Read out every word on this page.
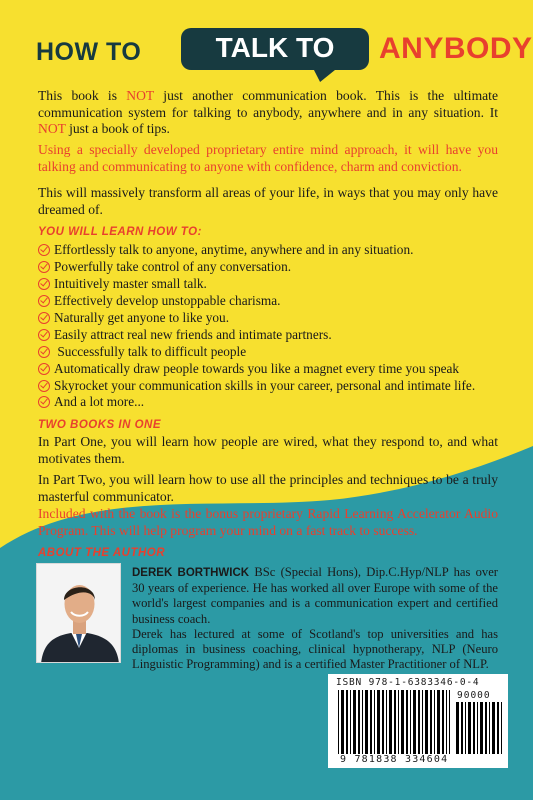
HOW TO	TALK TO	ANYBODY

This book is NOT just another communication book. This is the ultimate communication system for talking to anybody, anywhere and in any situation. It NOT just a book of tips.

Using a specially developed proprietary entire mind approach, it will have you talking and communicating to anyone with confidence, charm and conviction.

This will massively transform all areas of your life, in ways that you may only have dreamed of.

YOU WILL LEARN HOW TO:
Effortlessly talk to anyone, anytime, anywhere and in any situation.
Powerfully take control of any conversation.
Intuitively master small talk.
Effectively develop unstoppable charisma.
Naturally get anyone to like you.
Easily attract real new friends and intimate partners.
Successfully talk to difficult people
Automatically draw people towards you like a magnet every time you speak
Skyrocket your communication skills in your career, personal and intimate life.
And a lot more...
TWO BOOKS IN ONE

In Part One, you will learn how people are wired, what they respond to, and what motivates them.

In Part Two, you will learn how to use all the principles and techniques to be a truly masterful communicator.

Included with the book is the bonus proprietary Rapid Learning Accelerator Audio Program. This will help program your mind on a fast track to success.

ABOUT THE AUTHOR

DEREK BORTHWICK BSc (Special Hons), Dip.C.Hyp/NLP has over 30 years of experience. He has worked all over Europe with some of the world's largest companies and is a communication expert and certified business coach.

Derek has lectured at some of Scotland's top universities and has diplomas in business coaching, clinical hypnotherapy, NLP (Neuro Linguistic Programming) and is a certified Master Practitioner of NLP.

ISBN 978-1-6383346-0-4
90000
9 781838 334604
